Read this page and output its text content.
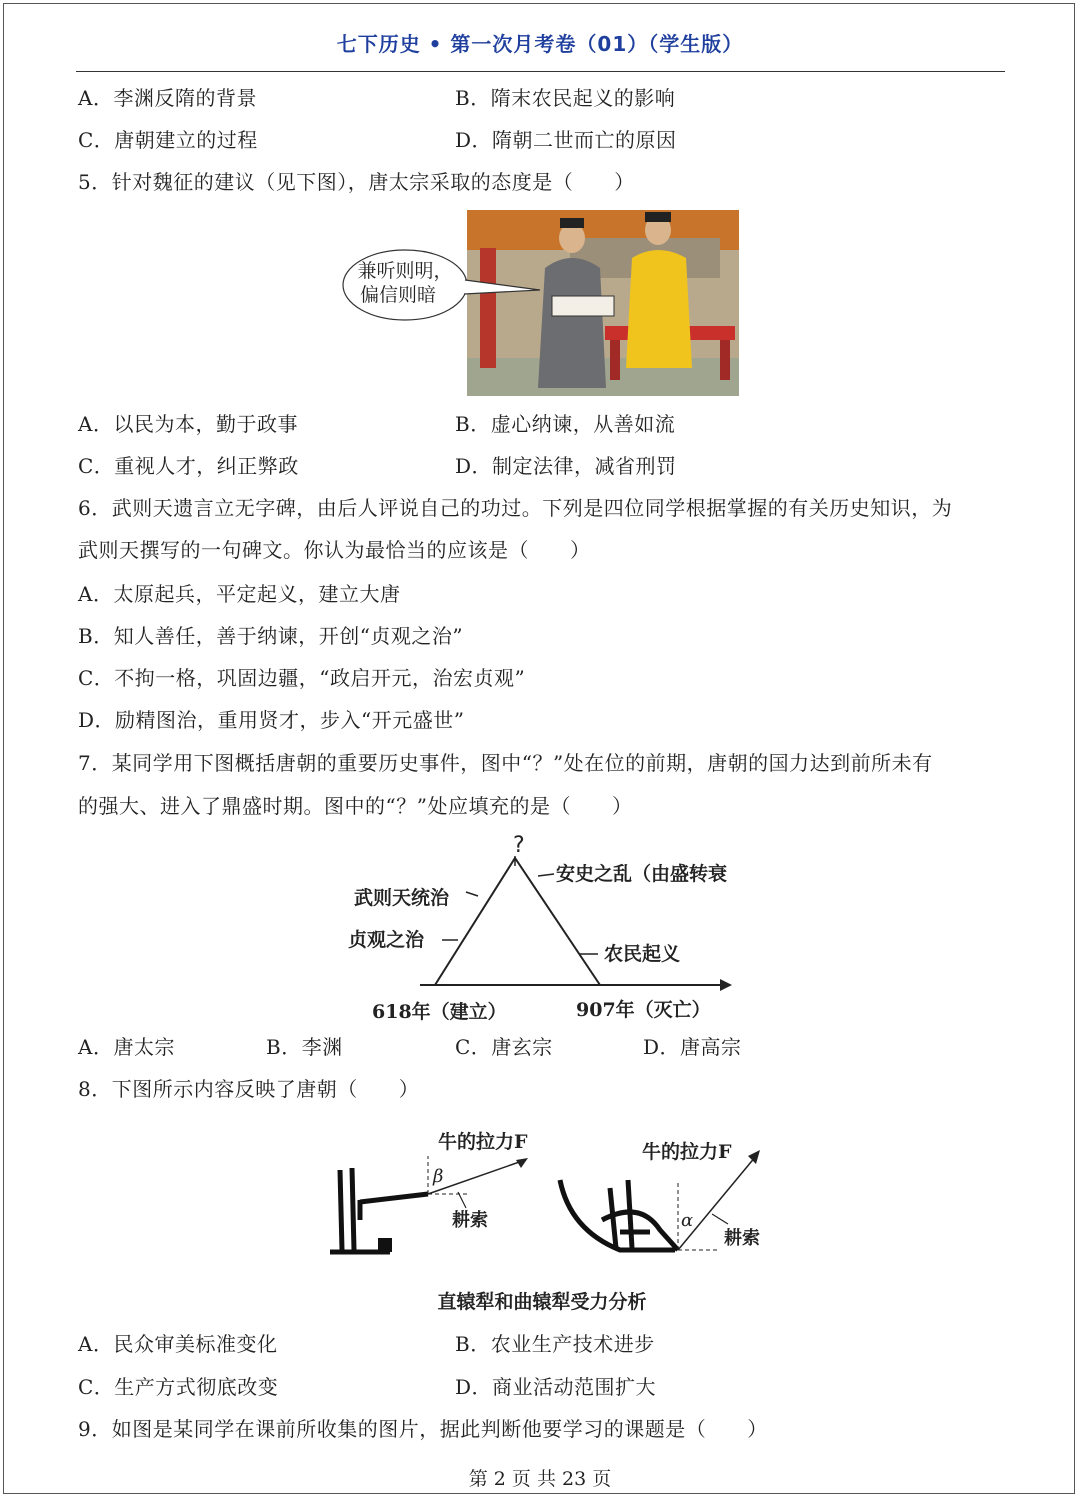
七下历史 • 第一次月考卷（01）（学生版）
A．李渊反隋的背景	B．隋末农民起义的影响
C．唐朝建立的过程	D．隋朝二世而亡的原因
5．针对魏征的建议（见下图），唐太宗采取的态度是（　　）
兼听则明，
偏信则暗
A．以民为本，勤于政事	B．虚心纳谏，从善如流
C．重视人才，纠正弊政	D．制定法律，减省刑罚
6．武则天遗言立无字碑，由后人评说自己的功过。下列是四位同学根据掌握的有关历史知识，为
武则天撰写的一句碑文。你认为最恰当的应该是（　　）
A．太原起兵，平定起义，建立大唐
B．知人善任，善于纳谏，开创“贞观之治”
C．不拘一格，巩固边疆，“政启开元，治宏贞观”
D．励精图治，重用贤才，步入“开元盛世”
7．某同学用下图概括唐朝的重要历史事件，图中“？”处在位的前期，唐朝的国力达到前所未有
的强大、进入了鼎盛时期。图中的“？”处应填充的是（　　）
?
武则天统治
贞观之治
安史之乱（由盛转衰
农民起义
618年（建立）	907年（灭亡）
A．唐太宗	B．李渊	C．唐玄宗	D．唐高宗
8．下图所示内容反映了唐朝（　　）
牛的拉力F
β
耕索
牛的拉力F
α
耕索
直辕犁和曲辕犁受力分析
A．民众审美标准变化	B．农业生产技术进步
C．生产方式彻底改变	D．商业活动范围扩大
9．如图是某同学在课前所收集的图片，据此判断他要学习的课题是（　　）
第 2 页 共 23 页
